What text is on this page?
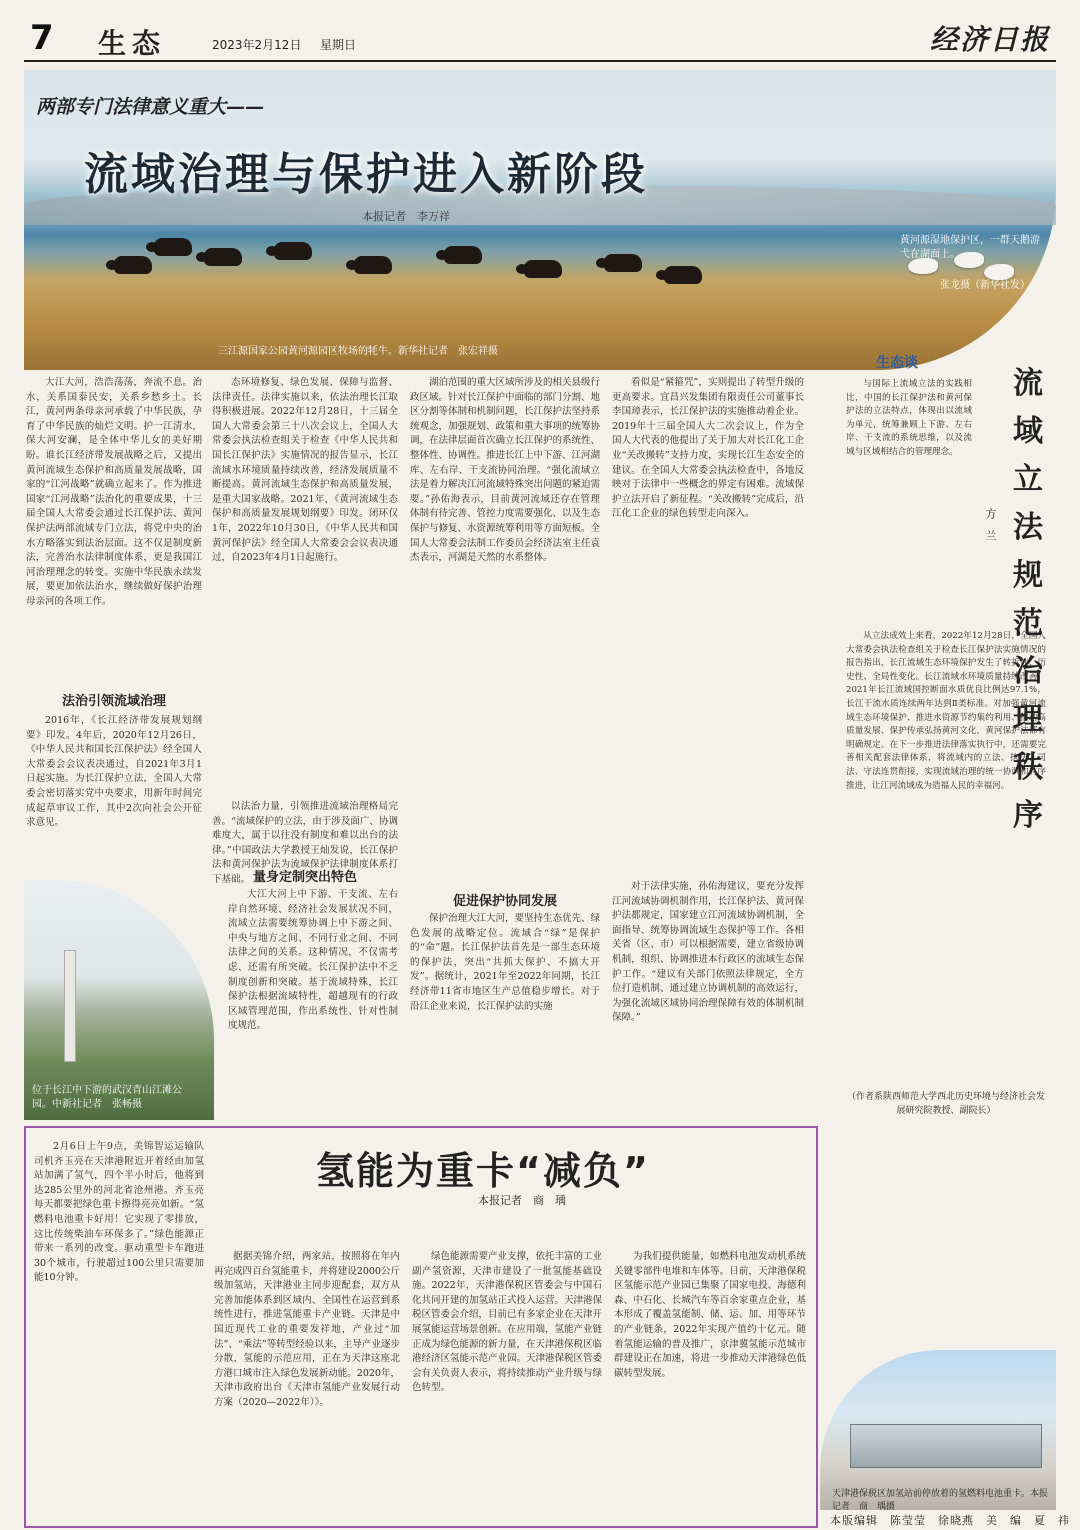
7 生态	2023年2月12日 星期日	经济日报
两部专门法律意义重大——
流域治理与保护进入新阶段
本报记者　李万祥
三江源国家公园黄河源园区牧场的牦牛。新华社记者　张宏祥摄
黄河源湿地保护区，一群天鹅游弋在湖面上。
张龙摄（新华社发）

大江大河，浩浩荡荡，奔流不息。治水，关系国泰民安，关系乡愁乡土。长江，黄河两条母亲河承载了中华民族，孕育了中华民族的灿烂文明。护一江清水，保大河安澜，是全体中华儿女的美好期盼。谁长江经济带发展战略之后，又提出黄河流域生态保护和高质量发展战略，国家的“江河战略”就确立起来了。作为推进国家“江河战略”法治化的重要成果，十三届全国人大常委会通过长江保护法、黄河保护法两部流域专门立法，将党中央的治水方略落实到法治层面。这不仅是制度新法，完善治水法律制度体系，更是我国江河治理理念的转变。实施中华民族永续发展，要更加依法治水，继续做好保护治理母亲河的各项工作。

法治引领流域治理

2016年，《长江经济带发展规划纲要》印发。4年后，2020年12月26日，《中华人民共和国长江保护法》经全国人大常委会会议表决通过，自2021年3月1日起实施。为长江保护立法，全国人大常委会密切落实党中央要求，用新年时间完成起草审议工作，其中2次向社会公开征求意见。

态环境修复、绿色发展、保障与监督、法律责任。法律实施以来，依法治理长江取得积极进展。2022年12月28日，十三届全国人大常委会第三十八次会议上，全国人大常委会执法检查组关于检查《中华人民共和国长江保护法》实施情况的报告显示，长江流域水环境质量持续改善，经济发展质量不断提高。黄河流域生态保护和高质量发展，是重大国家战略。2021年，《黄河流域生态保护和高质量发展规划纲要》印发。闭环仅1年，2022年10月30日，《中华人民共和国黄河保护法》经全国人大常委会会议表决通过，自2023年4月1日起施行。

以法治力量，引领推进流域治理格局完善。“流域保护的立法，由于涉及面广、协调难度大，属于以往没有制度和难以出台的法律。”中国政法大学教授王灿发说，长江保护法和黄河保护法为流域保护法律制度体系打下基础。 量身定制突出特色

大江大河上中下游、干支流、左右岸自然环境、经济社会发展状况不同，流域立法需要统筹协调上中下游之间、中央与地方之间、不同行业之间、不同法律之间的关系。这种情况，不仅需考虑、还需有所突破。长江保护法中不乏制度创新和突破。基于流域特殊，长江保护法根据流域特性，超越现有的行政区域管理范围，作出系统性、针对性制度规范。

湖泊范围的重大区域所涉及的相关县级行政区域。针对长江保护中面临的部门分割、地区分割等体制和机制问题，长江保护法坚持系统观念，加强规划、政策和重大事项的统筹协调，在法律层面首次确立长江保护的系统性、整体性、协调性。推进长江上中下游、江河湖库、左右岸、干支流协同治理。“强化流域立法是着力解决江河流域特殊突出问题的紧迫需要。”孙佑海表示，目前黄河流域还存在管理体制有待完善、管控力度需要强化、以及生态保护与修复、水资源统筹利用等方面短板。全国人大常委会法制工作委员会经济法室主任袁杰表示，河湖是天然的水系整体。

促进保护协同发展

保护治理大江大河，要坚持生态优先、绿色发展的战略定位。流域合“绿”是保护的“命”题。长江保护法首先是一部生态环境的保护法，突出“共抓大保护、不搞大开发”。据统计，2021年至2022年同期，长江经济带11省市地区生产总值稳步增长。对于沿江企业来说，长江保护法的实施

看似是“紧箍咒”，实则提出了转型升级的更高要求。宜昌兴发集团有限责任公司董事长李国璋表示，长江保护法的实施推动着企业。2019年十三届全国人大二次会议上，作为全国人大代表的他提出了关于加大对长江化工企业“关改搬转”支持力度，实现长江生态安全的建议。在全国人大常委会执法检查中，各地反映对于法律中一些概念的界定有困难。流域保护立法开启了新征程。“关改搬转”完成后，沿江化工企业的绿色转型走向深入。

对于法律实施，孙佑海建议，要充分发挥江河流域协调机制作用，长江保护法、黄河保护法都规定，国家建立江河流域协调机制，全面指导、统筹协调流域生态保护等工作。各相关省（区、市）可以根据需要，建立省级协调机制，组织、协调推进本行政区的流域生态保护工作。“建议有关部门依照法律规定，全方位打造机制、通过建立协调机制的高效运行，为强化流域区域协同治理保障有效的体制机制保障。”

位于长江中下游的武汉青山江滩公园。中新社记者　张畅摄
生态谈
流域立法规范治理秩序
方　兰

与国际上流域立法的实践相比，中国的长江保护法和黄河保护法的立法特点，体现出以流域为单元，统筹兼顾上下游、左右岸、干支流的系统思维，以及流域与区域相结合的管理理念。

从立法成效上来看，2022年12月28日，全国人大常委会执法检查组关于检查长江保护法实施情况的报告指出，长江流域生态环境保护发生了转折性、历史性、全局性变化。长江流域水环境质量持续改善，2021年长江流域国控断面水质优良比例达97.1%，长江干流水质连续两年达到Ⅱ类标准。对加强黄河流域生态环境保护、推进水资源节约集约利用、推动高质量发展、保护传承弘扬黄河文化，黄河保护法都有明确规定。在下一步推进法律落实执行中，还需要完善相关配套法律体系，将流域内的立法、执法、司法、守法连贯衔接，实现流域治理的统一协调和有序推进，让江河流域成为造福人民的幸福河。

（作者系陕西师范大学西北历史环境与经济社会发展研究院教授、副院长）
氢能为重卡“减负”
本报记者　商　瑀

2月6日上午9点，美锦智运运输队司机齐玉亮在天津港附近开着经由加氢站加满了氢气，四个半小时后，他将到达285公里外的河北省沧州港。齐玉亮每天都要把绿色重卡擦得亮亮如新。“氢燃料电池重卡好用！它实现了零排放，这比传统柴油车环保多了。”绿色能源正带来一系列的改变。驱动重型卡车跑进30个城市，行驶超过100公里只需要加能10分钟。

据据美锦介绍，两家站，按照将在年内再完成四百台氢能重卡，并将建设2000公斤级加氢站，天津港业主同步迎配套，双方从完善加能体系到区域内、全国性在运营到系统性进行，推进氢能重卡产业链。天津是中国近现代工业的重要发祥地，产业过“加法”、“乘法”等转型经验以来，主导产业逐步分散，氢能的示范应用，正在为天津这座北方港口城市注入绿色发展新动能。2020年，天津市政府出台《天津市氢能产业发展行动方案（2020—2022年）》。

绿色能源需要产业支撑，依托丰富的工业副产氢资源，天津市建设了一批氢能基础设施。2022年，天津港保税区管委会与中国石化共同开建的加氢站正式投入运营。天津港保税区管委会介绍，目前已有多家企业在天津开展氢能运营场景创新。在应用端，氢能产业链正成为绿色能源的新力量，在天津港保税区临港经济区氢能示范产业园。天津港保税区管委会有关负责人表示，将持续推动产业升级与绿色转型。

为我们提供能量，如燃料电池发动机系统关键零部件电堆和车体等。日前，天津港保税区氢能示范产业园已集聚了国家电投、海德利森、中石化、长城汽车等百余家重点企业，基本形成了覆盖氢能制、储、运、加、用等环节的产业链条，2022年实现产值约十亿元。随着氢能运输的普及推广，京津冀氢能示范城市群建设正在加速，将进一步推动天津港绿色低碳转型发展。

天津港保税区加氢站前停放着的氢燃料电池重卡。本报记者　商　瑀摄
本版编辑　陈莹莹　徐晓燕　美　编　夏　祎
